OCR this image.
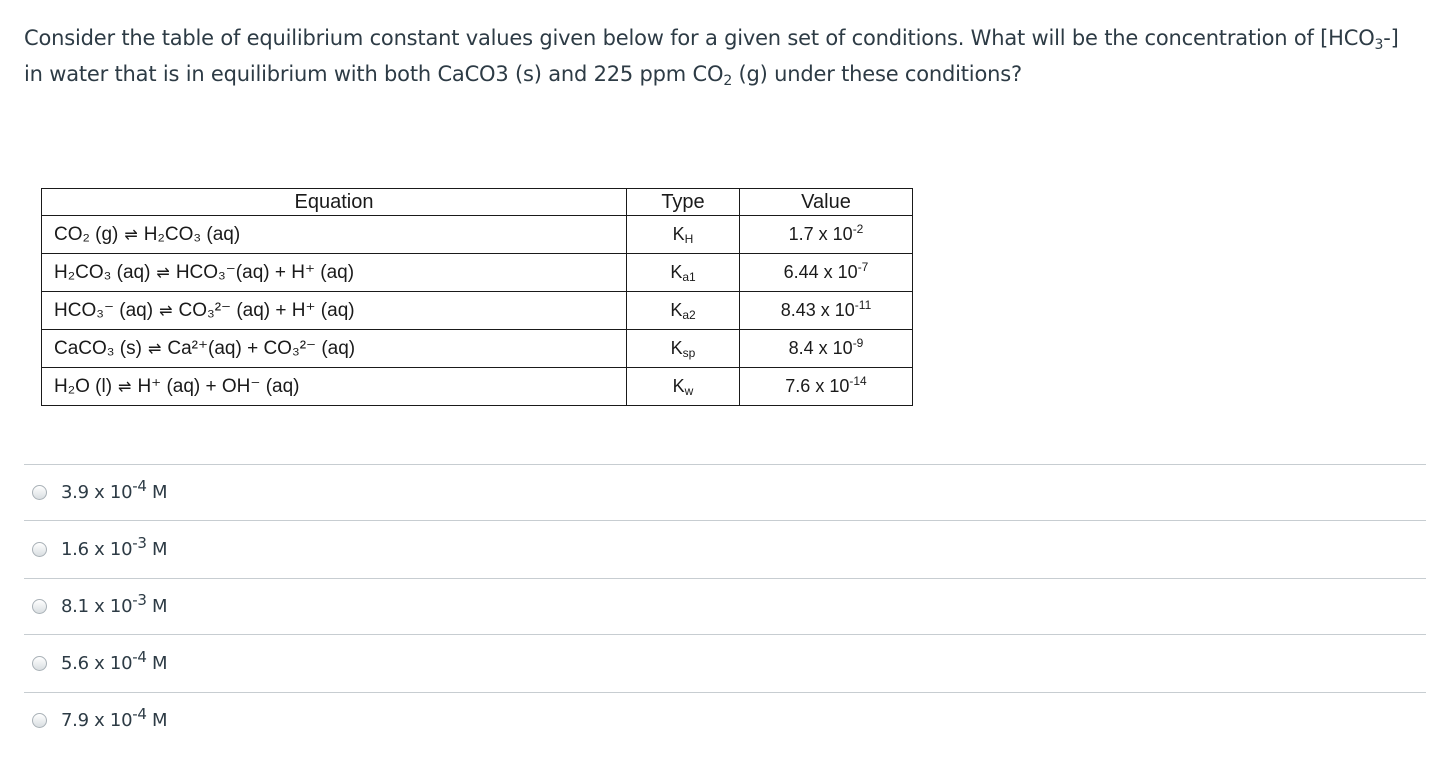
Consider the table of equilibrium constant values given below for a given set of conditions. What will be the concentration of $[HCO_3-]$
in water that is in equilibrium with both CaCO3 (s) and 225 ppm $CO_2$ (g) under these conditions?
Equation	Type	Value
CO₂ (g) ⇌ H₂CO₃ (aq)	$K_H$	1.7 x $10^{-2}$
H₂CO₃ (aq) ⇌ HCO₃⁻(aq) + H⁺ (aq)	$K_{a1}$	6.44 x $10^{-7}$
HCO₃⁻ (aq) ⇌ CO₃²⁻ (aq) + H⁺ (aq)	$K_{a2}$	8.43 x $10^{-11}$
CaCO₃ (s) ⇌ Ca²⁺(aq) + CO₃²⁻ (aq)	$K_{sp}$	8.4 x $10^{-9}$
H₂O (l) ⇌ H⁺ (aq) + OH⁻ (aq)	$K_w$	7.6 x $10^{-14}$
3.9 x $10^{-4}$ M
1.6 x $10^{-3}$ M
8.1 x $10^{-3}$ M
5.6 x $10^{-4}$ M
7.9 x $10^{-4}$ M
